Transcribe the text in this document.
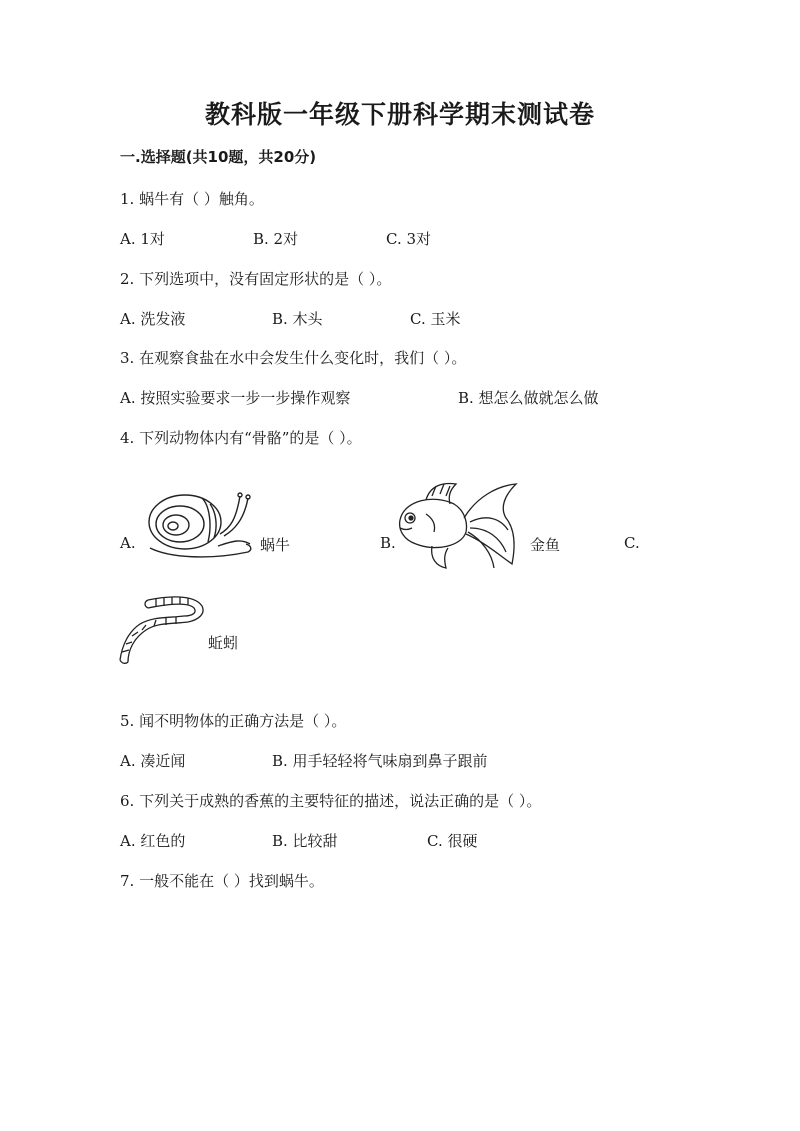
教科版一年级下册科学期末测试卷
一.选择题(共10题，共20分)
1. 蜗牛有（ ）触角。
A. 1对	B. 2对	C. 3对
2. 下列选项中，没有固定形状的是（ ）。
A. 洗发液	B. 木头	C. 玉米
3. 在观察食盐在水中会发生什么变化时，我们（ ）。
A. 按照实验要求一步一步操作观察	B. 想怎么做就怎么做
4. 下列动物体内有“骨骼”的是（ ）。
A.	蜗牛	B.	金鱼	C.
蚯蚓
5. 闻不明物体的正确方法是（ ）。
A. 凑近闻	B. 用手轻轻将气味扇到鼻子跟前
6. 下列关于成熟的香蕉的主要特征的描述，说法正确的是（ ）。
A. 红色的	B. 比较甜	C. 很硬
7. 一般不能在（ ）找到蜗牛。
